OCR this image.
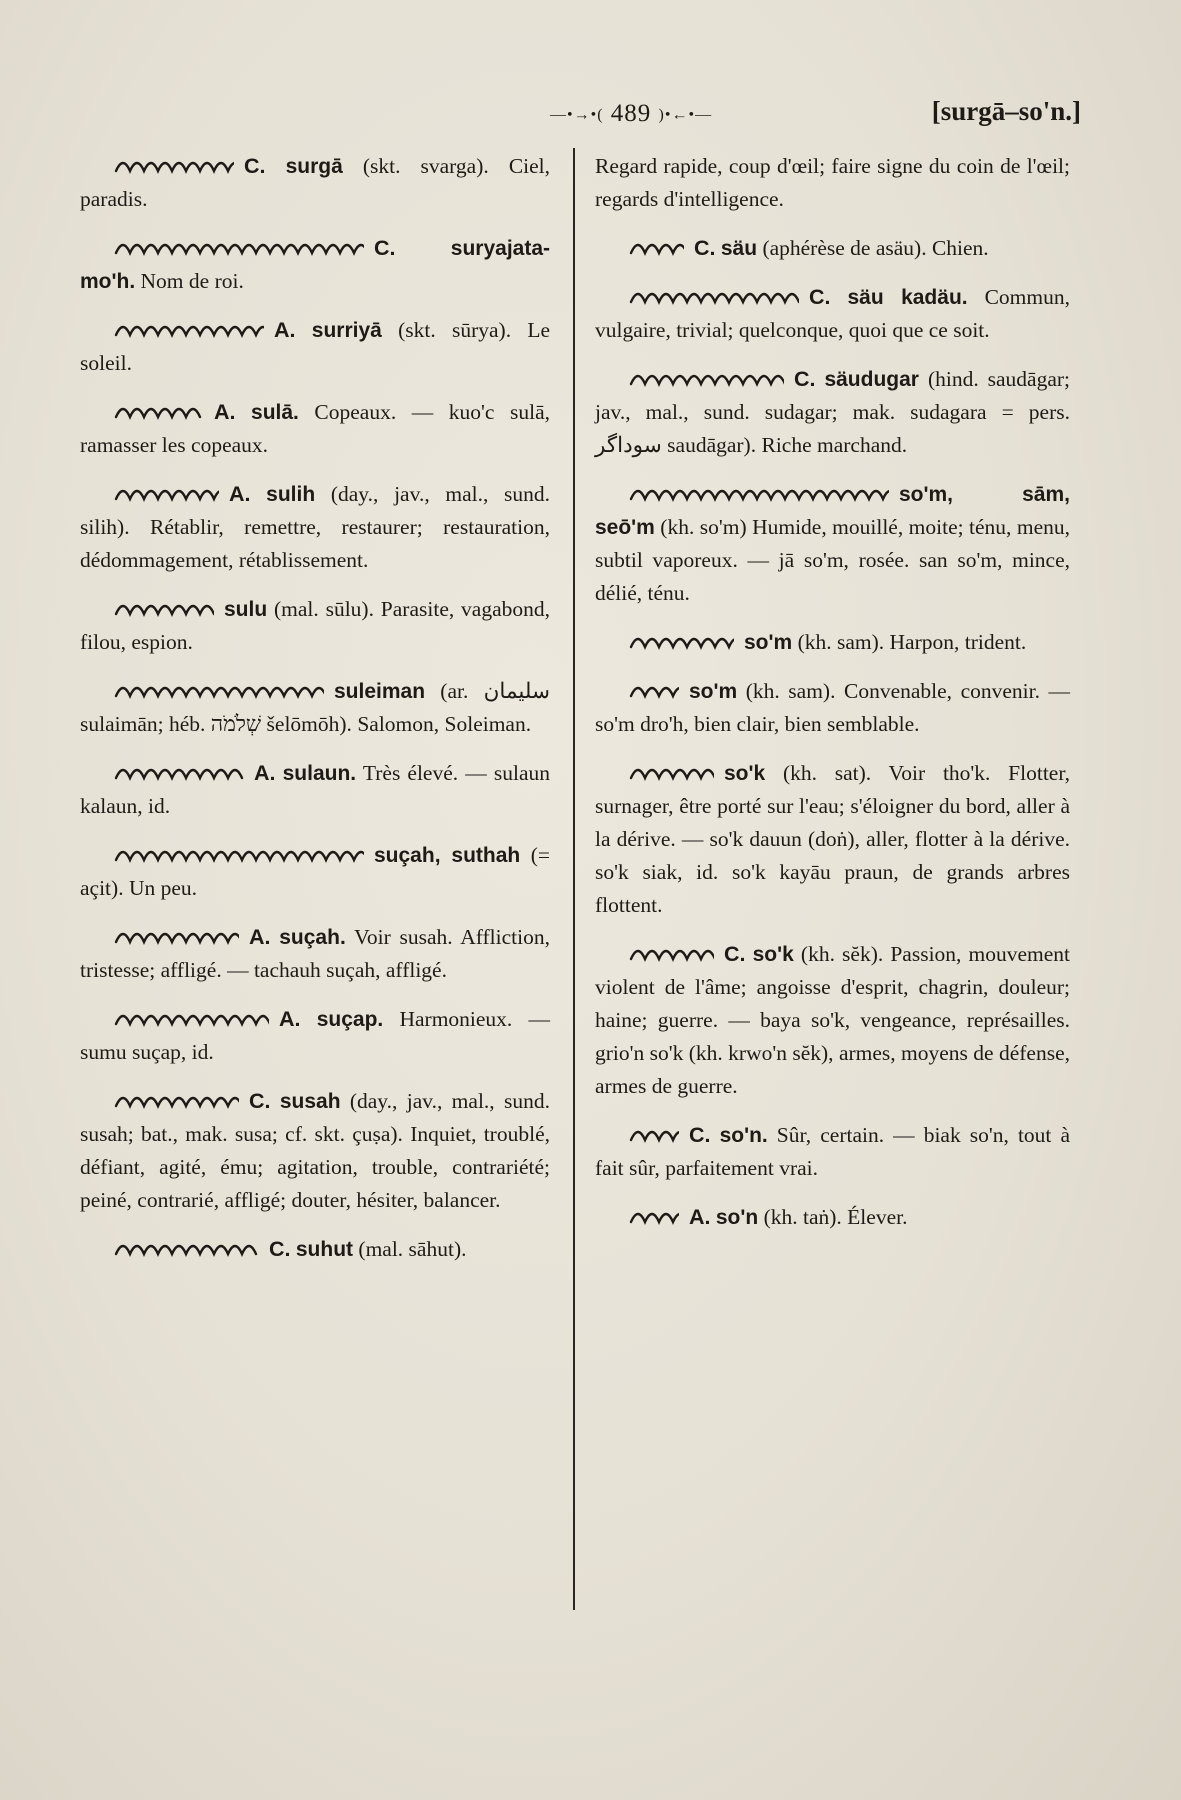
—•→•( 489 )•←•—	[surgā–so'n.]
C. surgā (skt. svarga). Ciel, paradis.
C.	suryajata-mo'h. Nom de roi.
A. surriyā (skt. sūrya). Le soleil.
A. sulā. Copeaux. — kuo'c sulā, ramasser les copeaux.
A. sulih (day., jav., mal., sund. silih). Rétablir, remettre, restaurer; restauration, dédommagement, rétablissement.
sulu (mal. sūlu). Parasite, vagabond, filou, espion.
suleiman (ar. سليمان sulaimān; héb. שְׁלֹמֹה šelōmōh). Salomon, Soleiman.
A. sulaun. Très élevé. — sulaun kalaun, id.
suçah, suthah (= açit). Un peu.
A. suçah. Voir susah. Affliction, tristesse; affligé. — tachauh suçah, affligé.
A. suçap. Harmonieux. — sumu suçap, id.
C. susah (day., jav., mal., sund. susah; bat., mak. susa; cf. skt. çuṣa). Inquiet, troublé, défiant, agité, ému; agitation, trouble, contrariété; peiné, contrarié, affligé; douter, hésiter, balancer.
C. suhut (mal. sāhut).
Regard rapide, coup d'œil; faire signe du coin de l'œil; regards d'intelligence.
C. säu (aphérèse de asäu). Chien.
C. säu kadäu. Commun, vulgaire, trivial; quelconque, quoi que ce soit.
C. säudugar (hind. saudāgar; jav., mal., sund. sudagar; mak. sudagara = pers. سوداگر saudāgar). Riche marchand.
so'm, sām, seō'm (kh. so'm) Humide, mouillé, moite; ténu, menu, subtil vaporeux. — jā so'm, rosée. san so'm, mince, délié, ténu.
so'm (kh. sam). Harpon, trident.
so'm (kh. sam). Convenable, convenir. — so'm dro'h, bien clair, bien semblable.
so'k (kh. sat). Voir tho'k. Flotter, surnager, être porté sur l'eau; s'éloigner du bord, aller à la dérive. — so'k dauun (doṅ), aller, flotter à la dérive. so'k siak, id. so'k kayāu praun, de grands arbres flottent.
C. so'k (kh. sĕk). Passion, mouvement violent de l'âme; angoisse d'esprit, chagrin, douleur; haine; guerre. — baya so'k, vengeance, représailles. grio'n so'k (kh. krwo'n sĕk), armes, moyens de défense, armes de guerre.
C. so'n. Sûr, certain. — biak so'n, tout à fait sûr, parfaitement vrai.
A. so'n (kh. taṅ). Élever.
